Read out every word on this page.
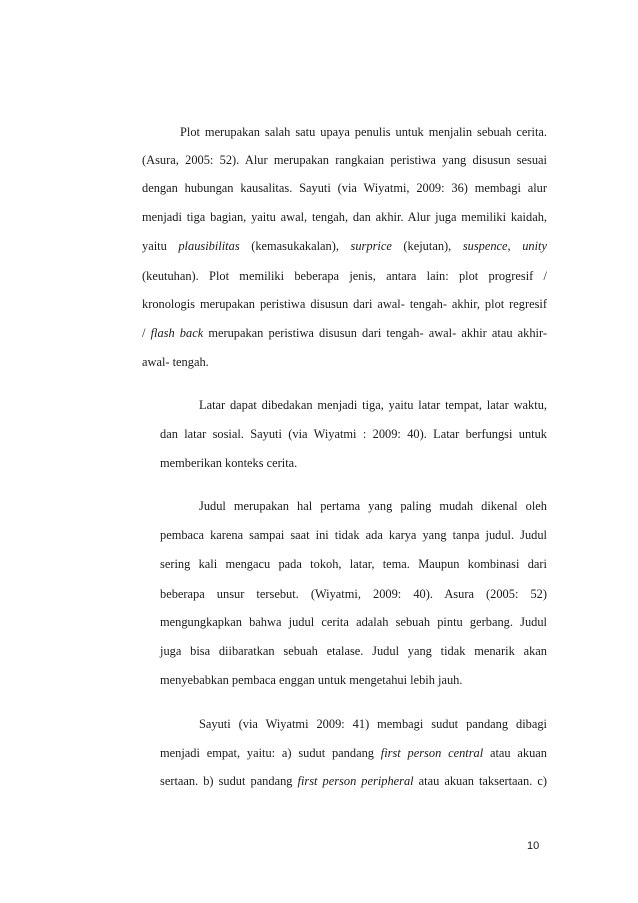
Plot merupakan salah satu upaya penulis untuk menjalin sebuah cerita.
(Asura, 2005: 52). Alur merupakan rangkaian peristiwa yang disusun sesuai
dengan hubungan kausalitas. Sayuti (via Wiyatmi, 2009: 36) membagi alur
menjadi tiga bagian, yaitu awal, tengah, dan akhir. Alur juga memiliki kaidah,
yaitu plausibilitas (kemasukakalan), surprice (kejutan), suspence, unity
(keutuhan). Plot memiliki beberapa jenis, antara lain: plot progresif /
kronologis merupakan peristiwa disusun dari awal- tengah- akhir, plot regresif
/ flash back merupakan peristiwa disusun dari tengah- awal- akhir atau akhir-
awal- tengah.
Latar dapat dibedakan menjadi tiga, yaitu latar tempat, latar waktu,
dan latar sosial. Sayuti (via Wiyatmi : 2009: 40). Latar berfungsi untuk
memberikan konteks cerita.
Judul merupakan hal pertama yang paling mudah dikenal oleh
pembaca karena sampai saat ini tidak ada karya yang tanpa judul. Judul
sering kali mengacu pada tokoh, latar, tema. Maupun kombinasi dari
beberapa unsur tersebut. (Wiyatmi, 2009: 40). Asura (2005: 52)
mengungkapkan bahwa judul cerita adalah sebuah pintu gerbang. Judul
juga bisa diibaratkan sebuah etalase. Judul yang tidak menarik akan
menyebabkan pembaca enggan untuk mengetahui lebih jauh.
Sayuti (via Wiyatmi 2009: 41) membagi sudut pandang dibagi
menjadi empat, yaitu: a) sudut pandang first person central atau akuan
sertaan. b) sudut pandang first person peripheral atau akuan taksertaan. c)
10
